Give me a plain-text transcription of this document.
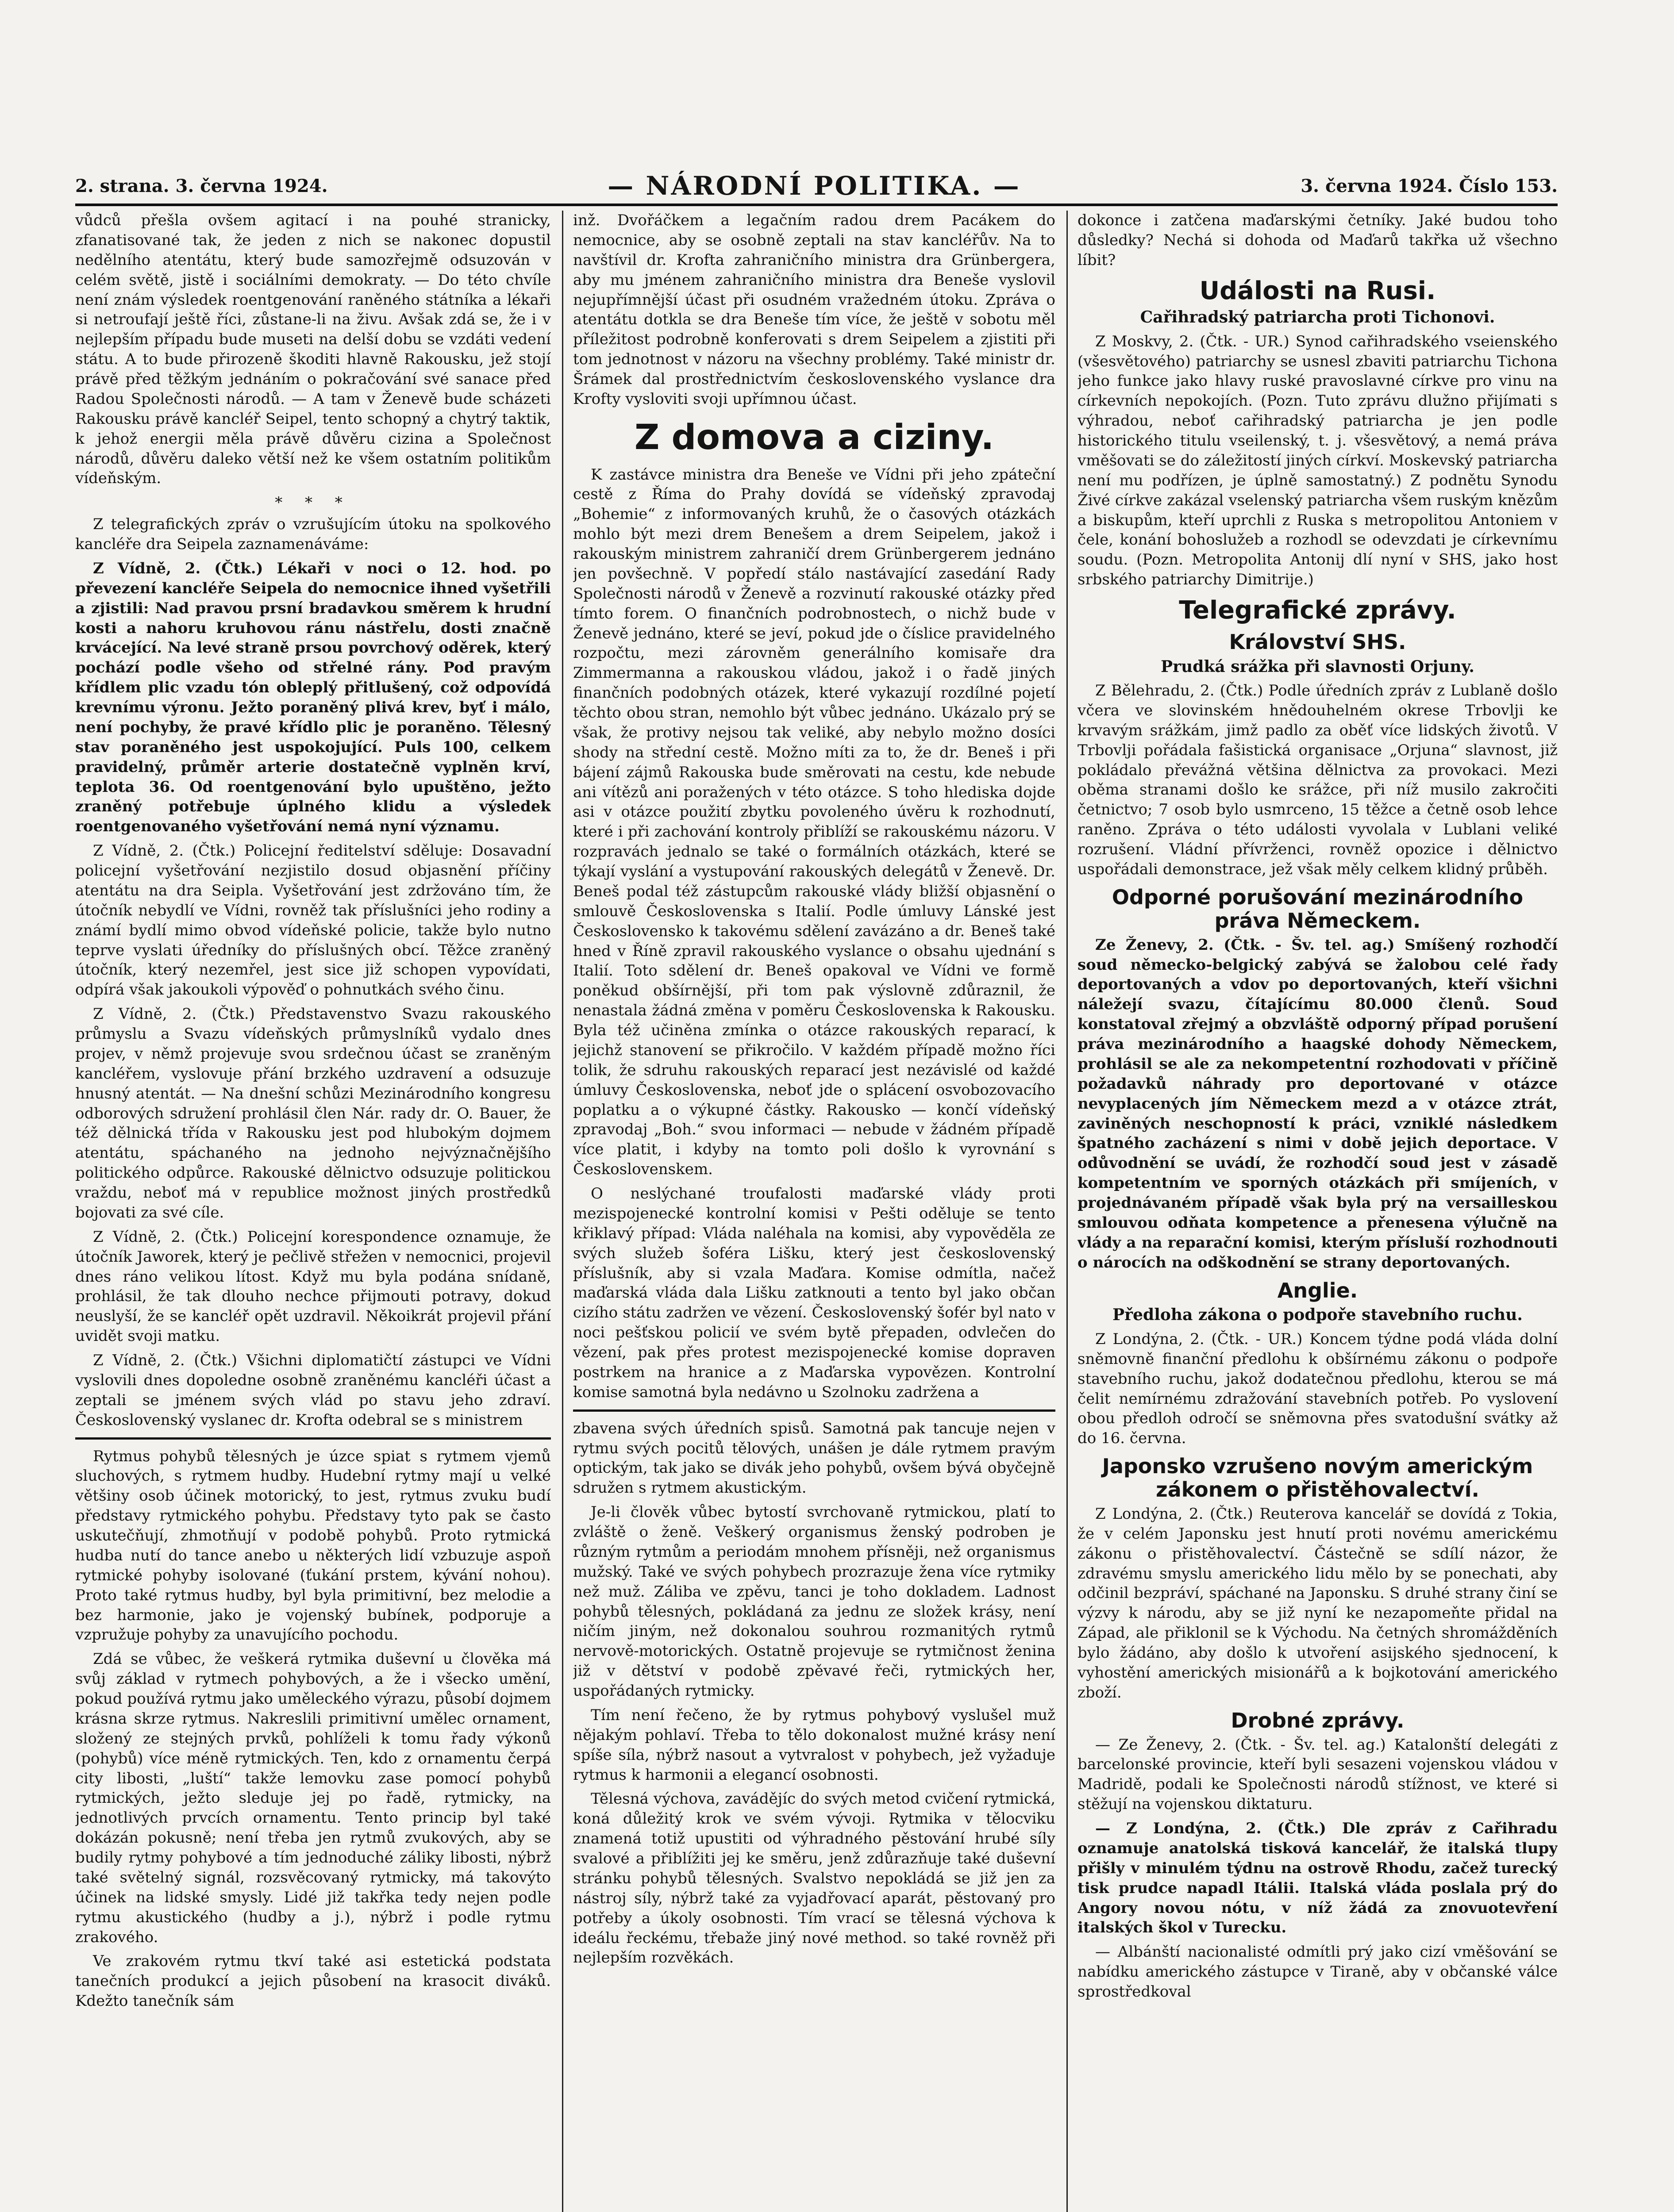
2. strana. 3. června 1924.	— NÁRODNÍ POLITIKA. —	3. června 1924. Číslo 153.

vůdců přešla ovšem agitací i na pouhé stranicky, zfanatisované tak, že jeden z nich se nakonec dopustil nedělního atentátu, který bude samozřejmě odsuzován v celém světě, jistě i sociálními demokraty. — Do této chvíle není znám výsledek roentgenování raněného státníka a lékaři si netroufají ještě říci, zůstane-li na živu. Avšak zdá se, že i v nejlepším případu bude museti na delší dobu se vzdáti vedení státu. A to bude přirozeně škoditi hlavně Rakousku, jež stojí právě před těžkým jednáním o pokračování své sanace před Radou Společnosti národů. — A tam v Ženevě bude scházeti Rakousku právě kancléř Seipel, tento schopný a chytrý taktik, k jehož energii měla právě důvěru cizina a Společnost národů, důvěru daleko větší než ke všem ostatním politikům vídeňským.

* * *

Z telegrafických zpráv o vzrušujícím útoku na spolkového kancléře dra Seipela zaznamenáváme:

Z Vídně, 2. (Čtk.) Lékaři v noci o 12. hod. po převezení kancléře Seipela do nemocnice ihned vyšetřili a zjistili: Nad pravou prsní bradavkou směrem k hrudní kosti a nahoru kruhovou ránu nástřelu, dosti značně krvácející. Na levé straně prsou povrchový oděrek, který pochází podle všeho od střelné rány. Pod pravým křídlem plic vzadu tón obleplý přitlušený, což odpovídá krevnímu výronu. Ježto poraněný plivá krev, byť i málo, není pochyby, že pravé křídlo plic je poraněno. Tělesný stav poraněného jest uspokojující. Puls 100, celkem pravidelný, průměr arterie dostatečně vyplněn krví, teplota 36. Od roentgenování bylo upuštěno, ježto zraněný potřebuje úplného klidu a výsledek roentgenovaného vyšetřování nemá nyní významu.

Z Vídně, 2. (Čtk.) Policejní ředitelství sděluje: Dosavadní policejní vyšetřování nezjistilo dosud objasnění příčiny atentátu na dra Seipla. Vyšetřování jest zdržováno tím, že útočník nebydlí ve Vídni, rovněž tak příslušníci jeho rodiny a známí bydlí mimo obvod vídeňské policie, takže bylo nutno teprve vyslati úředníky do příslušných obcí. Těžce zraněný útočník, který nezemřel, jest sice již schopen vypovídati, odpírá však jakoukoli výpověď o pohnutkách svého činu.

Z Vídně, 2. (Čtk.) Představenstvo Svazu rakouského průmyslu a Svazu vídeňských průmyslníků vydalo dnes projev, v němž projevuje svou srdečnou účast se zraněným kancléřem, vyslovuje přání brzkého uzdravení a odsuzuje hnusný atentát. — Na dnešní schůzi Mezinárodního kongresu odborových sdružení prohlásil člen Nár. rady dr. O. Bauer, že též dělnická třída v Rakousku jest pod hlubokým dojmem atentátu, spáchaného na jednoho nejvýznačnějšího politického odpůrce. Rakouské dělnictvo odsuzuje politickou vraždu, neboť má v republice možnost jiných prostředků bojovati za své cíle.

Z Vídně, 2. (Čtk.) Policejní korespondence oznamuje, že útočník Jaworek, který je pečlivě střežen v nemocnici, projevil dnes ráno velikou lítost. Když mu byla podána snídaně, prohlásil, že tak dlouho nechce přijmouti potravy, dokud neuslyší, že se kancléř opět uzdravil. Někoikrát projevil přání uvidět svoji matku.

Z Vídně, 2. (Čtk.) Všichni diplomatičtí zástupci ve Vídni vyslovili dnes dopoledne osobně zraněnému kancléři účast a zeptali se jménem svých vlád po stavu jeho zdraví. Československý vyslanec dr. Krofta odebral se s ministrem

Rytmus pohybů tělesných je úzce spiat s rytmem vjemů sluchových, s rytmem hudby. Hudební rytmy mají u velké většiny osob účinek motorický, to jest, rytmus zvuku budí představy rytmického pohybu. Představy tyto pak se často uskutečňují, zhmotňují v podobě pohybů. Proto rytmická hudba nutí do tance anebo u některých lidí vzbuzuje aspoň rytmické pohyby isolované (ťukání prstem, kývání nohou). Proto také rytmus hudby, byl byla primitivní, bez melodie a bez harmonie, jako je vojenský bubínek, podporuje a vzpružuje pohyby za unavujícího pochodu.

Zdá se vůbec, že veškerá rytmika duševní u člověka má svůj základ v rytmech pohybových, a že i všecko umění, pokud používá rytmu jako uměleckého výrazu, působí dojmem krásna skrze rytmus. Nakreslili primitivní umělec ornament, složený ze stejných prvků, pohlíželi k tomu řady výkonů (pohybů) více méně rytmických. Ten, kdo z ornamentu čerpá city libosti, „luští“ takže lemovku zase pomocí pohybů rytmických, ježto sleduje jej po řadě, rytmicky, na jednotlivých prvcích ornamentu. Tento princip byl také dokázán pokusně; není třeba jen rytmů zvukových, aby se budily rytmy pohybové a tím jednoduché záliky libosti, nýbrž také světelný signál, rozsvěcovaný rytmicky, má takovýto účinek na lidské smysly. Lidé již takřka tedy nejen podle rytmu akustického (hudby a j.), nýbrž i podle rytmu zrakového.

Ve zrakovém rytmu tkví také asi estetická podstata tanečních produkcí a jejich působení na krasocit diváků. Kdežto tanečník sám

inž. Dvořáčkem a legačním radou drem Pacákem do nemocnice, aby se osobně zeptali na stav kancléřův. Na to navštívil dr. Krofta zahraničního ministra dra Grünbergera, aby mu jménem zahraničního ministra dra Beneše vyslovil nejupřímnější účast při osudném vražedném útoku. Zpráva o atentátu dotkla se dra Beneše tím více, že ještě v sobotu měl příležitost podrobně konferovati s drem Seipelem a zjistiti při tom jednotnost v názoru na všechny problémy. Také ministr dr. Šrámek dal prostřednictvím československého vyslance dra Krofty vysloviti svoji upřímnou účast.

Z domova a ciziny.

K zastávce ministra dra Beneše ve Vídni při jeho zpáteční cestě z Říma do Prahy dovídá se vídeňský zpravodaj „Bohemie“ z informovaných kruhů, že o časových otázkách mohlo být mezi drem Benešem a drem Seipelem, jakož i rakouským ministrem zahraničí drem Grünbergerem jednáno jen povšechně. V popředí stálo nastávající zasedání Rady Společnosti národů v Ženevě a rozvinutí rakouské otázky před tímto forem. O finančních podrobnostech, o nichž bude v Ženevě jednáno, které se jeví, pokud jde o číslice pravidelného rozpočtu, mezi zárovněm generálního komisaře dra Zimmermanna a rakouskou vládou, jakož i o řadě jiných finančních podobných otázek, které vykazují rozdílné pojetí těchto obou stran, nemohlo být vůbec jednáno. Ukázalo prý se však, že protivy nejsou tak veliké, aby nebylo možno dosíci shody na střední cestě. Možno míti za to, že dr. Beneš i při bájení zájmů Rakouska bude směrovati na cestu, kde nebude ani vítězů ani poražených v této otázce. S toho hlediska dojde asi v otázce použití zbytku povoleného úvěru k rozhodnutí, které i při zachování kontroly přiblíží se rakouskému názoru. V rozpravách jednalo se také o formálních otázkách, které se týkají vyslání a vystupování rakouských delegátů v Ženevě. Dr. Beneš podal též zástupcům rakouské vlády bližší objasnění o smlouvě Československa s Italií. Podle úmluvy Lánské jest Československo k takovému sdělení zavázáno a dr. Beneš také hned v Říně zpravil rakouského vyslance o obsahu ujednání s Italií. Toto sdělení dr. Beneš opakoval ve Vídni ve formě poněkud obšírnější, při tom pak výslovně zdůraznil, že nenastala žádná změna v poměru Československa k Rakousku. Byla též učiněna zmínka o otázce rakouských reparací, k jejichž stanovení se přikročilo. V každém případě možno říci tolik, že sdruhu rakouských reparací jest nezávislé od každé úmluvy Československa, neboť jde o splácení osvobozovacího poplatku a o výkupné částky. Rakousko — končí vídeňský zpravodaj „Boh.“ svou informaci — nebude v žádném případě více platit, i kdyby na tomto poli došlo k vyrovnání s Československem.

O neslýchané troufalosti maďarské vlády proti mezispojenecké kontrolní komisi v Pešti oděluje se tento křiklavý případ: Vláda naléhala na komisi, aby vypověděla ze svých služeb šoféra Lišku, který jest československý příslušník, aby si vzala Maďara. Komise odmítla, načež maďarská vláda dala Lišku zatknouti a tento byl jako občan cizího státu zadržen ve vězení. Československý šofér byl nato v noci pešťskou policií ve svém bytě přepaden, odvlečen do vězení, pak přes protest mezispojenecké komise dopraven postrkem na hranice a z Maďarska vypovězen. Kontrolní komise samotná byla nedávno u Szolnoku zadržena a

zbavena svých úředních spisů. Samotná pak tancuje nejen v rytmu svých pocitů tělových, unášen je dále rytmem pravým optickým, tak jako se divák jeho pohybů, ovšem bývá obyčejně sdružen s rytmem akustickým.

Je-li člověk vůbec bytostí svrchovaně rytmickou, platí to zvláště o ženě. Veškerý organismus ženský podroben je různým rytmům a periodám mnohem přísněji, než organismus mužský. Také ve svých pohybech prozrazuje žena více rytmiky než muž. Záliba ve zpěvu, tanci je toho dokladem. Ladnost pohybů tělesných, pokládaná za jednu ze složek krásy, není ničím jiným, než dokonalou souhrou rozmanitých rytmů nervově-motorických. Ostatně projevuje se rytmičnost ženina již v dětství v podobě zpěvavé řeči, rytmických her, uspořádaných rytmicky.

Tím není řečeno, že by rytmus pohybový vyslušel muž nějakým pohlaví. Třeba to tělo dokonalost mužné krásy není spíše síla, nýbrž nasout a vytvralost v pohybech, jež vyžaduje rytmus k harmonii a elegancí osobnosti.

Tělesná výchova, zavádějíc do svých metod cvičení rytmická, koná důležitý krok ve svém vývoji. Rytmika v tělocviku znamená totiž upustiti od výhradného pěstování hrubé síly svalové a přiblížiti jej ke směru, jenž zdůrazňuje také duševní stránku pohybů tělesných. Svalstvo nepokládá se již jen za nástroj síly, nýbrž také za vyjadřovací aparát, pěstovaný pro potřeby a úkoly osobnosti. Tím vrací se tělesná výchova k ideálu řeckému, třebaže jiný nové method. so také rovněž při nejlepším rozvěkách.

dokonce i zatčena maďarskými četníky. Jaké budou toho důsledky? Nechá si dohoda od Maďarů takřka už všechno líbit?

Události na Rusi.
Cařihradský patriarcha proti Tichonovi.

Z Moskvy, 2. (Čtk. - UR.) Synod cařihradského vseienského (všesvětového) patriarchy se usnesl zbaviti patriarchu Tichona jeho funkce jako hlavy ruské pravoslavné církve pro vinu na církevních nepokojích. (Pozn. Tuto zprávu dlužno přijímati s výhradou, neboť cařihradský patriarcha je jen podle historického titulu vseilenský, t. j. všesvětový, a nemá práva vměšovati se do záležitostí jiných církví. Moskevský patriarcha není mu podřízen, je úplně samostatný.) Z podnětu Synodu Živé církve zakázal vselenský patriarcha všem ruským knězům a biskupům, kteří uprchli z Ruska s metropolitou Antoniem v čele, konání bohoslužeb a rozhodl se odevzdati je církevnímu soudu. (Pozn. Metropolita Antonij dlí nyní v SHS, jako host srbského patriarchy Dimitrije.)

Telegrafické zprávy.
Království SHS.
Prudká srážka při slavnosti Orjuny.

Z Bělehradu, 2. (Čtk.) Podle úředních zpráv z Lublaně došlo včera ve slovinském hnědouhelném okrese Trbovlji ke krvavým srážkám, jimž padlo za oběť více lidských životů. V Trbovlji pořádala fašistická organisace „Orjuna“ slavnost, již pokládalo převážná většina dělnictva za provokaci. Mezi oběma stranami došlo ke srážce, při níž musilo zakročiti četnictvo; 7 osob bylo usmrceno, 15 těžce a četně osob lehce raněno. Zpráva o této události vyvolala v Lublani veliké rozrušení. Vládní přívrženci, rovněž opozice i dělnictvo uspořádali demonstrace, jež však měly celkem klidný průběh.

Odporné porušování mezinárodního práva Německem.

Ze Ženevy, 2. (Čtk. - Šv. tel. ag.) Smíšený rozhodčí soud německo-belgický zabývá se žalobou celé řady deportovaných a vdov po deportovaných, kteří všichni náležejí svazu, čítajícímu 80.000 členů. Soud konstatoval zřejmý a obzvláště odporný případ porušení práva mezinárodního a haagské dohody Německem, prohlásil se ale za nekompetentní rozhodovati v příčině požadavků náhrady pro deportované v otázce nevyplacených jím Německem mezd a v otázce ztrát, zaviněných neschopností k práci, vzniklé následkem špatného zacházení s nimi v době jejich deportace. V odůvodnění se uvádí, že rozhodčí soud jest v zásadě kompetentním ve sporných otázkách při smíjeních, v projednávaném případě však byla prý na versailleskou smlouvou odňata kompetence a přenesena výlučně na vlády a na reparační komisi, kterým přísluší rozhodnouti o nárocích na odškodnění se strany deportovaných.

Anglie.
Předloha zákona o podpoře stavebního ruchu.

Z Londýna, 2. (Čtk. - UR.) Koncem týdne podá vláda dolní sněmovně finanční předlohu k obšírnému zákonu o podpoře stavebního ruchu, jakož dodatečnou předlohu, kterou se má čelit nemírnému zdražování stavebních potřeb. Po vyslovení obou předloh odročí se sněmovna přes svatodušní svátky až do 16. června.

Japonsko vzrušeno novým americkým zákonem o přistěhovalectví.

Z Londýna, 2. (Čtk.) Reuterova kancelář se dovídá z Tokia, že v celém Japonsku jest hnutí proti novému americkému zákonu o přistěhovalectví. Částečně se sdílí názor, že zdravému smyslu amerického lidu mělo by se ponechati, aby odčinil bezpráví, spáchané na Japonsku. S druhé strany činí se výzvy k národu, aby se již nyní ke nezapomeňte přidal na Západ, ale přiklonil se k Východu. Na četných shromážděních bylo žádáno, aby došlo k utvoření asijského sjednocení, k vyhostění amerických misionářů a k bojkotování amerického zboží.

Drobné zprávy.

— Ze Ženevy, 2. (Čtk. - Šv. tel. ag.) Katalonští delegáti z barcelonské provincie, kteří byli sesazeni vojenskou vládou v Madridě, podali ke Společnosti národů stížnost, ve které si stěžují na vojenskou diktaturu.

— Z Londýna, 2. (Čtk.) Dle zpráv z Cařihradu oznamuje anatolská tisková kancelář, že italská tlupy přišly v minulém týdnu na ostrově Rhodu, začež turecký tisk prudce napadl Itálii. Italská vláda poslala prý do Angory novou nótu, v níž žádá za znovuotevření italských škol v Turecku.

— Albánští nacionalisté odmítli prý jako cizí vměšování se nabídku amerického zástupce v Tiraně, aby v občanské válce sprostředkoval
